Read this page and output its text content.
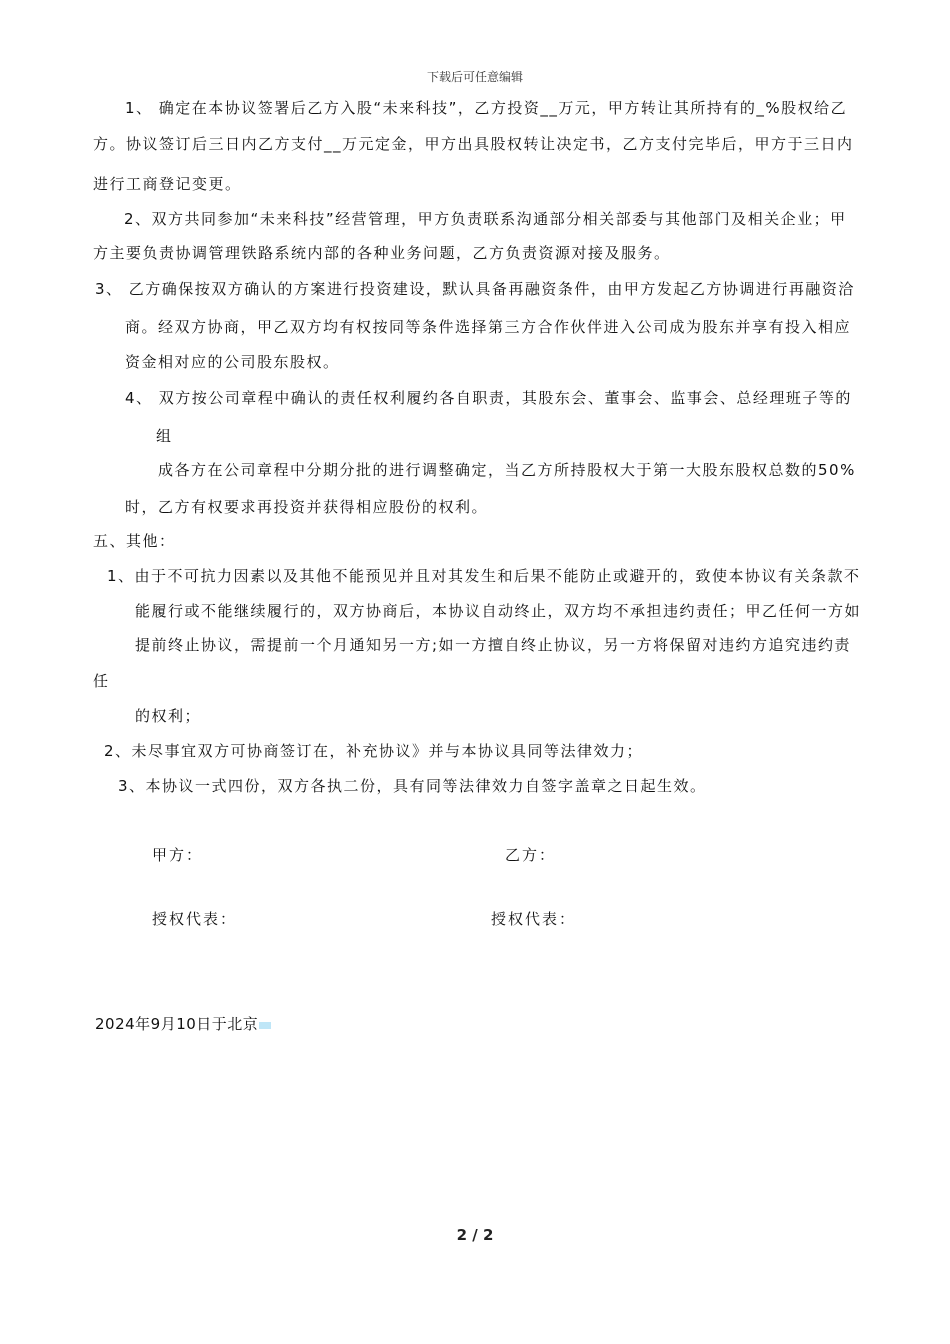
下载后可任意编辑
1、 确定在本协议签署后乙方入股“未来科技”，乙方投资__万元，甲方转让其所持有的_%股权给乙
方。协议签订后三日内乙方支付__万元定金，甲方出具股权转让决定书，乙方支付完毕后，甲方于三日内
进行工商登记变更。
2、双方共同参加“未来科技”经营管理，甲方负责联系沟通部分相关部委与其他部门及相关企业；甲
方主要负责协调管理铁路系统内部的各种业务问题，乙方负责资源对接及服务。
3、 乙方确保按双方确认的方案进行投资建设，默认具备再融资条件，由甲方发起乙方协调进行再融资洽
商。经双方协商，甲乙双方均有权按同等条件选择第三方合作伙伴进入公司成为股东并享有投入相应
资金相对应的公司股东股权。
4、 双方按公司章程中确认的责任权利履约各自职责，其股东会、董事会、监事会、总经理班子等的
组
成各方在公司章程中分期分批的进行调整确定，当乙方所持股权大于第一大股东股权总数的50%
时，乙方有权要求再投资并获得相应股份的权利。
五、其他：
1、由于不可抗力因素以及其他不能预见并且对其发生和后果不能防止或避开的，致使本协议有关条款不
能履行或不能继续履行的，双方协商后，本协议自动终止，双方均不承担违约责任；甲乙任何一方如
提前终止协议，需提前一个月通知另一方;如一方擅自终止协议，另一方将保留对违约方追究违约责
任
的权利；
2、未尽事宜双方可协商签订在，补充协议》并与本协议具同等法律效力；
3、本协议一式四份，双方各执二份，具有同等法律效力自签字盖章之日起生效。
甲方：	乙方：
授权代表：	授权代表：
2024年9月10日于北京
2 / 2
